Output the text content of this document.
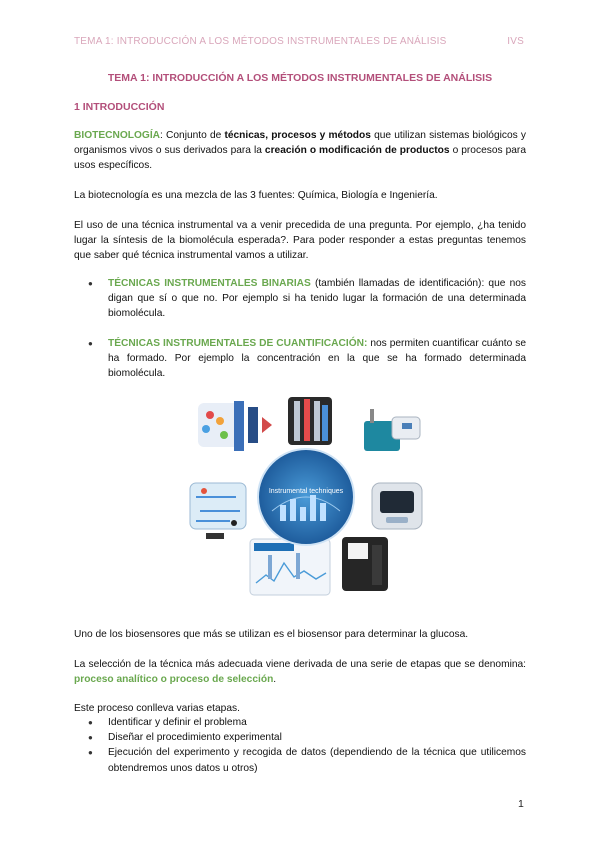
TEMA 1: INTRODUCCIÓN A LOS MÉTODOS INSTRUMENTALES DE ANÁLISIS	IVS
TEMA 1: INTRODUCCIÓN A LOS MÉTODOS INSTRUMENTALES DE ANÁLISIS
1 INTRODUCCIÓN

BIOTECNOLOGÍA: Conjunto de técnicas, procesos y métodos que utilizan sistemas biológicos y organismos vivos o sus derivados para la creación o modificación de productos o procesos para usos específicos.

La biotecnología es una mezcla de las 3 fuentes: Química, Biología e Ingeniería.

El uso de una técnica instrumental va a venir precedida de una pregunta. Por ejemplo, ¿ha tenido lugar la síntesis de la biomolécula esperada?. Para poder responder a estas preguntas tenemos que saber qué técnica instrumental vamos a utilizar.

● TÉCNICAS INSTRUMENTALES BINARIAS (también llamadas de identificación): que nos digan que sí o que no. Por ejemplo si ha tenido lugar la formación de una determinada biomolécula.
● TÉCNICAS INSTRUMENTALES DE CUANTIFICACIÓN: nos permiten cuantificar cuánto se ha formado. Por ejemplo la concentración en la que se ha formado determinada biomolécula.
Instrumental techniques

Uno de los biosensores que más se utilizan es el biosensor para determinar la glucosa.

La selección de la técnica más adecuada viene derivada de una serie de etapas que se denomina: proceso analítico o proceso de selección.

Este proceso conlleva varias etapas.

● Identificar y definir el problema
● Diseñar el procedimiento experimental
● Ejecución del experimento y recogida de datos (dependiendo de la técnica que utilicemos obtendremos unos datos u otros)
1
